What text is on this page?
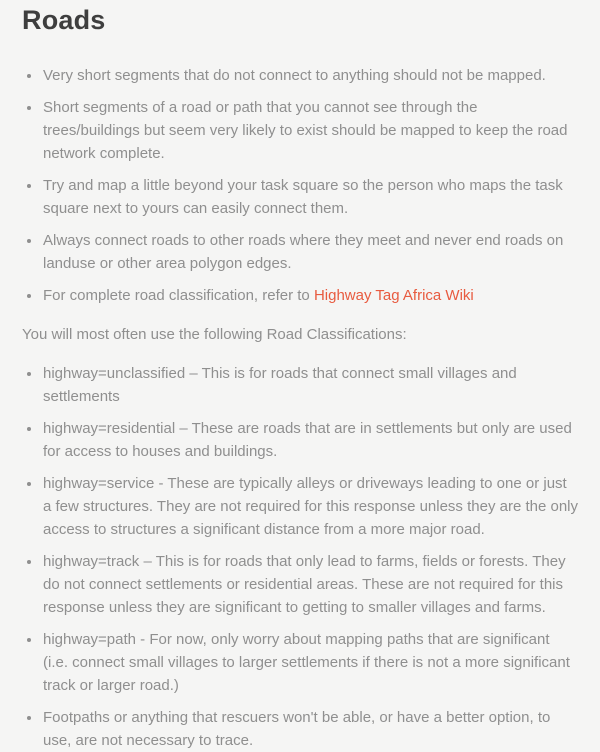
Roads
• Very short segments that do not connect to anything should not be mapped.
• Short segments of a road or path that you cannot see through the trees/buildings but seem very likely to exist should be mapped to keep the road network complete.
• Try and map a little beyond your task square so the person who maps the task square next to yours can easily connect them.
• Always connect roads to other roads where they meet and never end roads on landuse or other area polygon edges.
• For complete road classification, refer to Highway Tag Africa Wiki

You will most often use the following Road Classifications:

• highway=unclassified – This is for roads that connect small villages and settlements
• highway=residential – These are roads that are in settlements but only are used for access to houses and buildings.
• highway=service - These are typically alleys or driveways leading to one or just a few structures. They are not required for this response unless they are the only access to structures a significant distance from a more major road.
• highway=track – This is for roads that only lead to farms, fields or forests. They do not connect settlements or residential areas. These are not required for this response unless they are significant to getting to smaller villages and farms.
• highway=path - For now, only worry about mapping paths that are significant (i.e. connect small villages to larger settlements if there is not a more significant track or larger road.)
• Footpaths or anything that rescuers won't be able, or have a better option, to use, are not necessary to trace.
